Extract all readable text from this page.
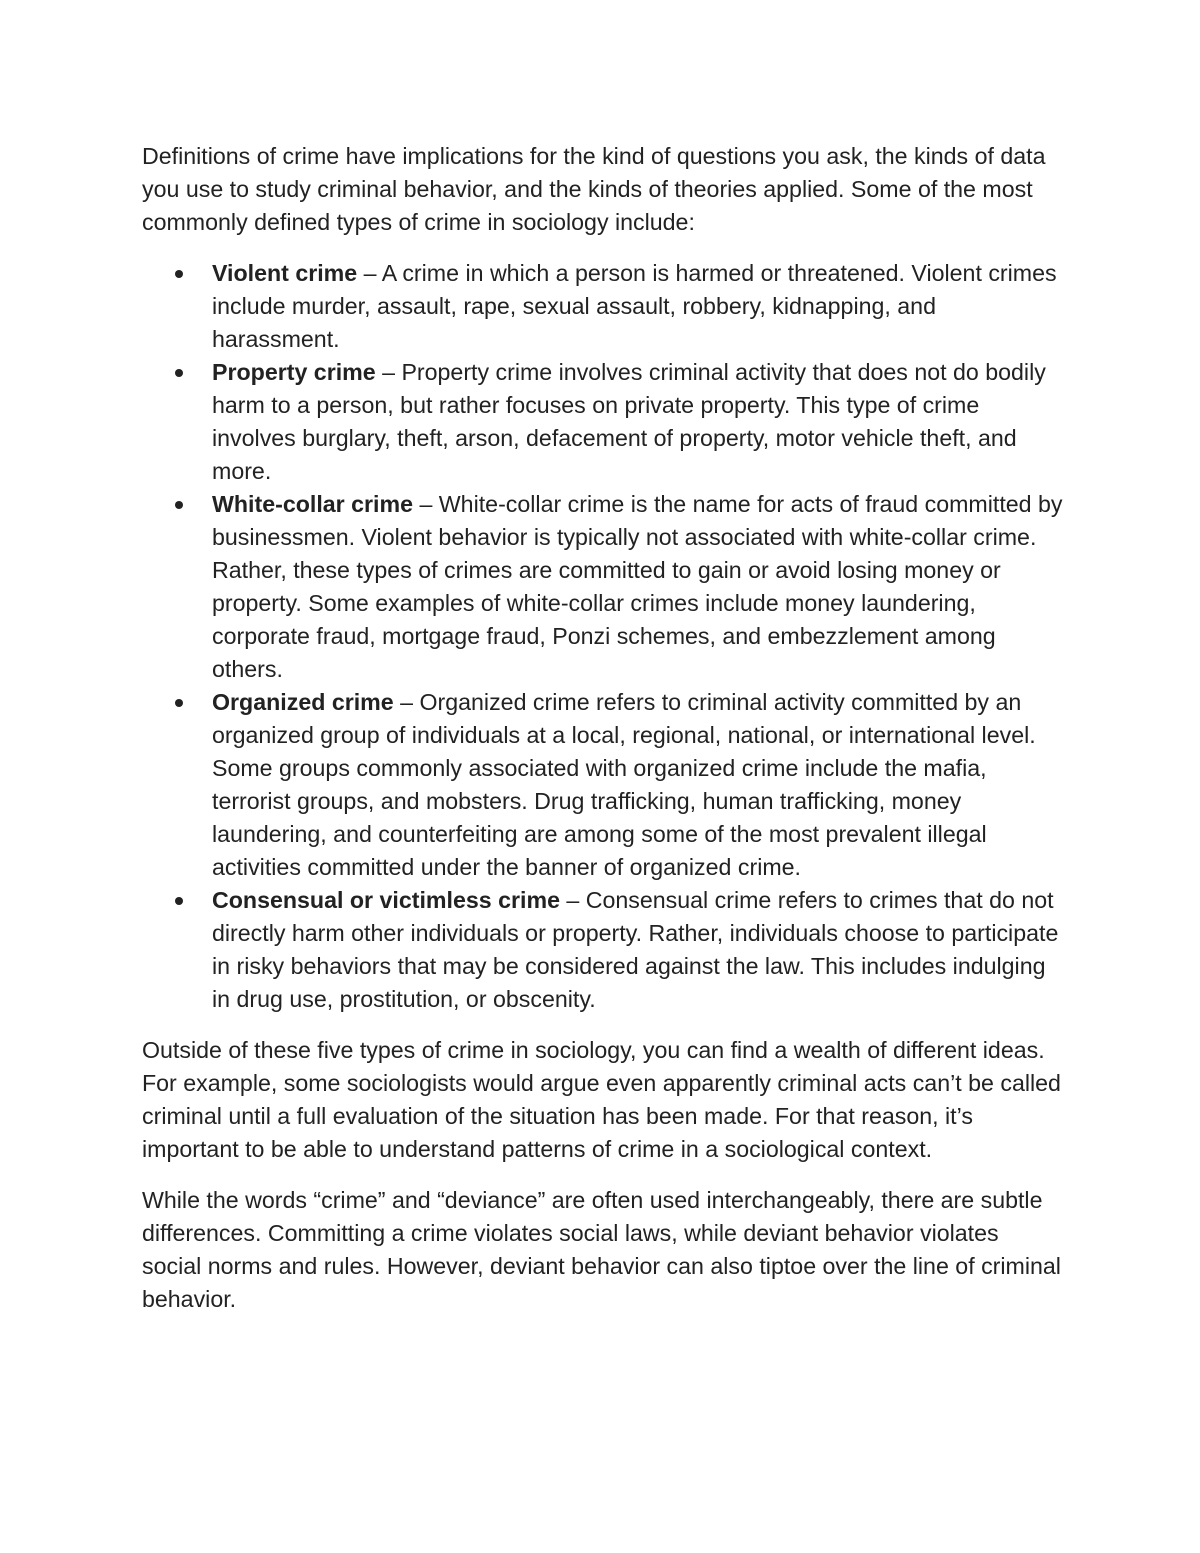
Definitions of crime have implications for the kind of questions you ask, the kinds of data you use to study criminal behavior, and the kinds of theories applied. Some of the most commonly defined types of crime in sociology include:

Violent crime – A crime in which a person is harmed or threatened. Violent crimes include murder, assault, rape, sexual assault, robbery, kidnapping, and harassment.
Property crime – Property crime involves criminal activity that does not do bodily harm to a person, but rather focuses on private property. This type of crime involves burglary, theft, arson, defacement of property, motor vehicle theft, and more.
White-collar crime – White-collar crime is the name for acts of fraud committed by businessmen. Violent behavior is typically not associated with white-collar crime. Rather, these types of crimes are committed to gain or avoid losing money or property. Some examples of white-collar crimes include money laundering, corporate fraud, mortgage fraud, Ponzi schemes, and embezzlement among others.
Organized crime – Organized crime refers to criminal activity committed by an organized group of individuals at a local, regional, national, or international level. Some groups commonly associated with organized crime include the mafia, terrorist groups, and mobsters. Drug trafficking, human trafficking, money laundering, and counterfeiting are among some of the most prevalent illegal activities committed under the banner of organized crime.
Consensual or victimless crime – Consensual crime refers to crimes that do not directly harm other individuals or property. Rather, individuals choose to participate in risky behaviors that may be considered against the law. This includes indulging in drug use, prostitution, or obscenity.

Outside of these five types of crime in sociology, you can find a wealth of different ideas. For example, some sociologists would argue even apparently criminal acts can’t be called criminal until a full evaluation of the situation has been made. For that reason, it’s important to be able to understand patterns of crime in a sociological context.

While the words “crime” and “deviance” are often used interchangeably, there are subtle differences. Committing a crime violates social laws, while deviant behavior violates social norms and rules. However, deviant behavior can also tiptoe over the line of criminal behavior.
